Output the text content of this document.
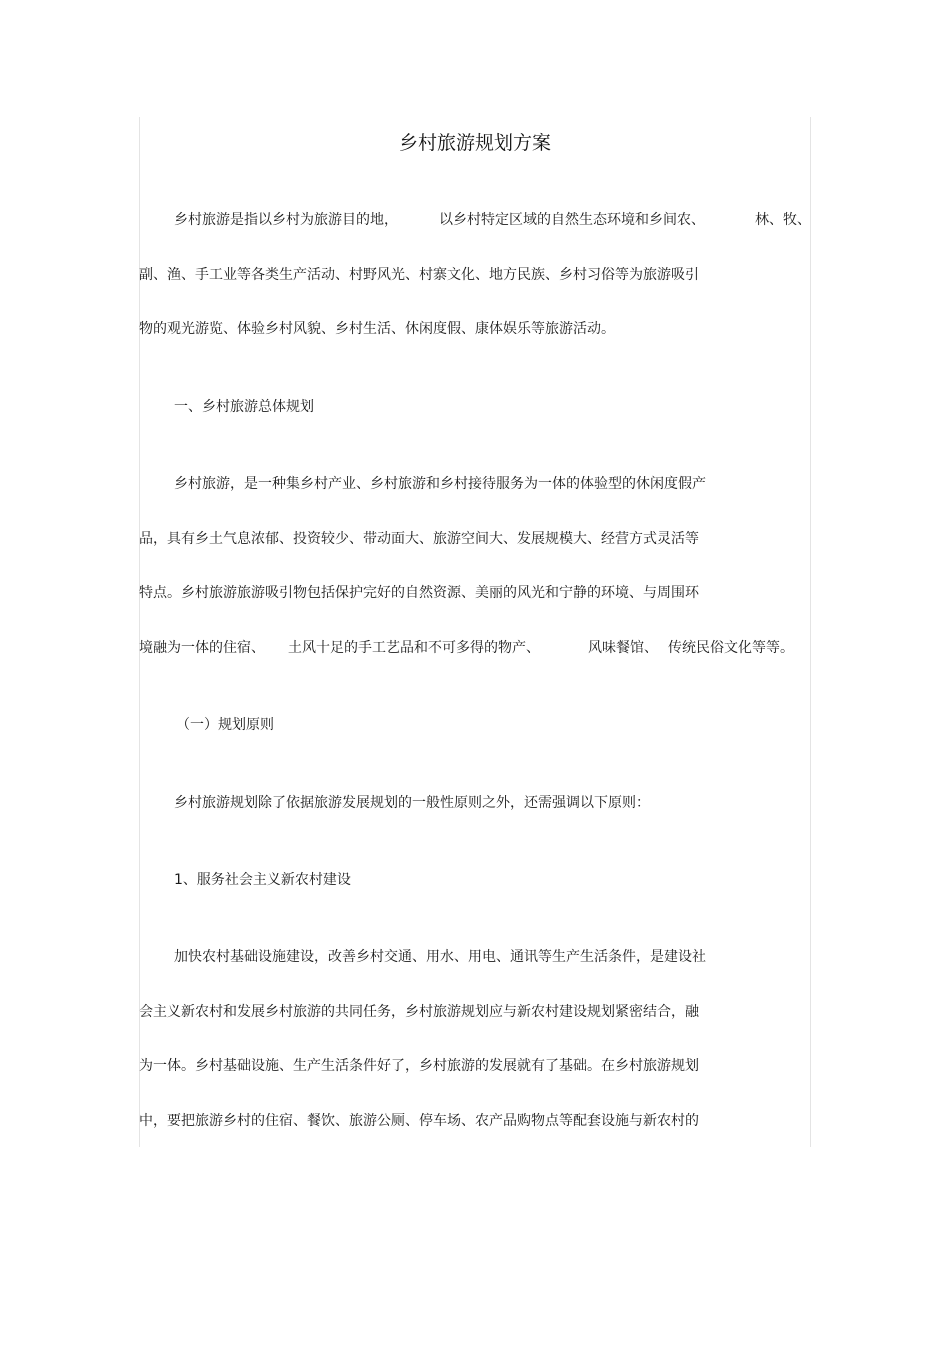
乡村旅游规划方案
乡村旅游是指以乡村为旅游目的地，	以乡村特定区域的自然生态环境和乡间农、	林、牧、
副、渔、手工业等各类生产活动、村野风光、村寨文化、地方民族、乡村习俗等为旅游吸引
物的观光游览、体验乡村风貌、乡村生活、休闲度假、康体娱乐等旅游活动。
一、乡村旅游总体规划
乡村旅游，是一种集乡村产业、乡村旅游和乡村接待服务为一体的体验型的休闲度假产
品，具有乡土气息浓郁、投资较少、带动面大、旅游空间大、发展规模大、经营方式灵活等
特点。乡村旅游旅游吸引物包括保护完好的自然资源、美丽的风光和宁静的环境、与周围环
境融为一体的住宿、 土风十足的手工艺品和不可多得的物产、	风味餐馆、 传统民俗文化等等。
（一）规划原则
乡村旅游规划除了依据旅游发展规划的一般性原则之外，还需强调以下原则：
1、服务社会主义新农村建设
加快农村基础设施建设，改善乡村交通、用水、用电、通讯等生产生活条件，是建设社
会主义新农村和发展乡村旅游的共同任务，乡村旅游规划应与新农村建设规划紧密结合，融
为一体。乡村基础设施、生产生活条件好了，乡村旅游的发展就有了基础。在乡村旅游规划
中，要把旅游乡村的住宿、餐饮、旅游公厕、停车场、农产品购物点等配套设施与新农村的
